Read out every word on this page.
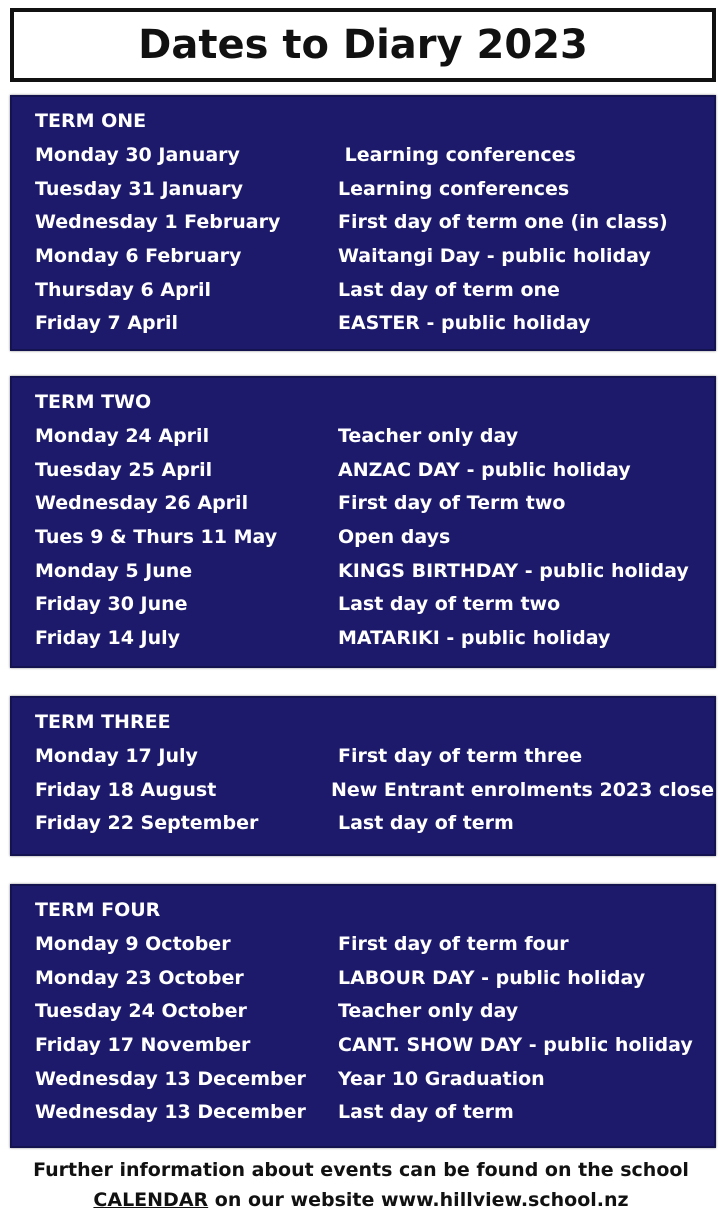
Dates to Diary 2023
TERM ONE
Monday 30 January	Learning conferences
Tuesday 31 January	Learning conferences
Wednesday 1 February	First day of term one (in class)
Monday 6 February	Waitangi Day - public holiday
Thursday 6 April	Last day of term one
Friday 7 April	EASTER - public holiday
TERM TWO
Monday 24 April	Teacher only day
Tuesday 25 April	ANZAC DAY - public holiday
Wednesday 26 April	First day of Term two
Tues 9 & Thurs 11 May	Open days
Monday 5 June	KINGS BIRTHDAY - public holiday
Friday 30 June	Last day of term two
Friday 14 July	MATARIKI - public holiday
TERM THREE
Monday 17 July	First day of term three
Friday 18 August	New Entrant enrolments 2023 close
Friday 22 September	Last day of term
TERM FOUR
Monday 9 October	First day of term four
Monday 23 October	LABOUR DAY - public holiday
Tuesday 24 October	Teacher only day
Friday 17 November	CANT. SHOW DAY - public holiday
Wednesday 13 December	Year 10 Graduation
Wednesday 13 December	Last day of term
Further information about events can be found on the school
CALENDAR on our website www.hillview.school.nz
